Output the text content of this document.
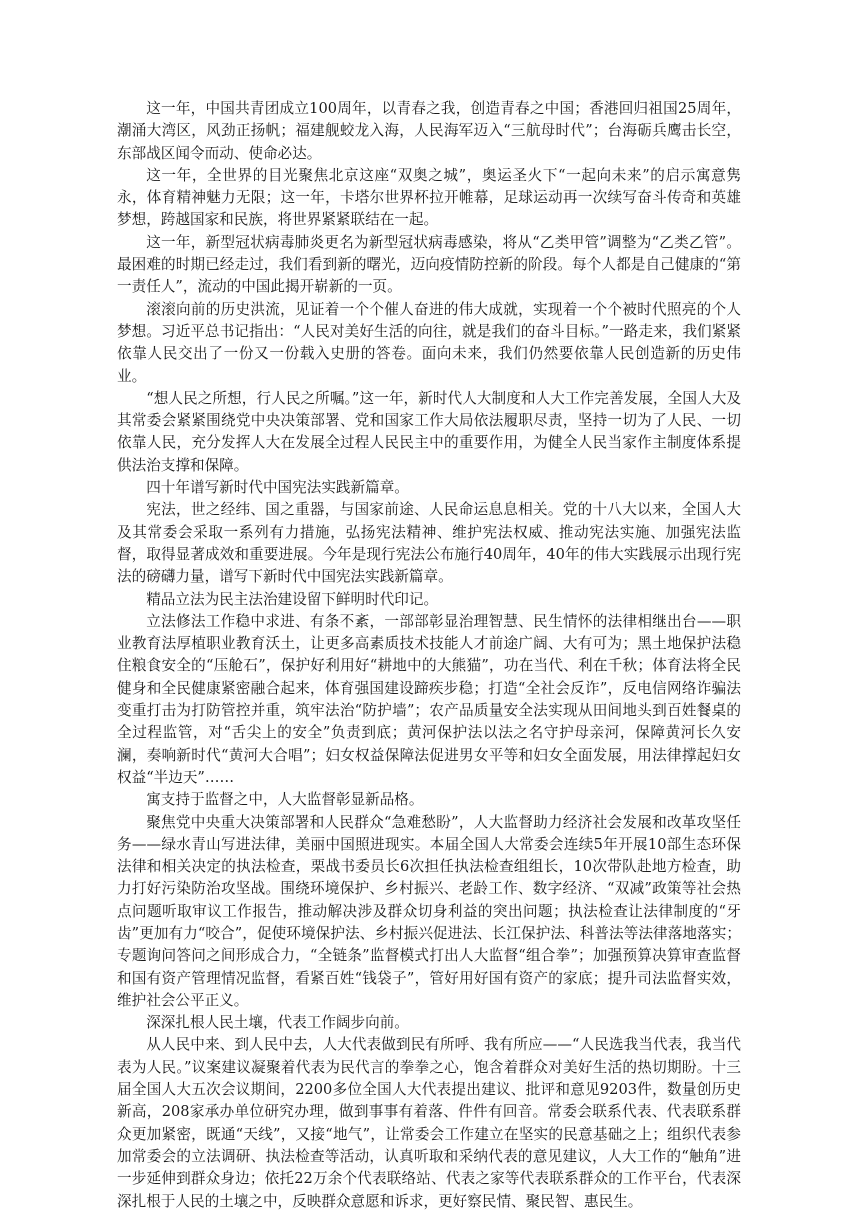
这一年，中国共青团成立100周年，以青春之我，创造青春之中国；香港回归祖国25周年，潮涌大湾区，风劲正扬帆；福建舰蛟龙入海，人民海军迈入“三航母时代”；台海砺兵鹰击长空，东部战区闻令而动、使命必达。

这一年，全世界的目光聚焦北京这座“双奥之城”，奥运圣火下“一起向未来”的启示寓意隽永，体育精神魅力无限；这一年，卡塔尔世界杯拉开帷幕，足球运动再一次续写奋斗传奇和英雄梦想，跨越国家和民族，将世界紧紧联结在一起。

这一年，新型冠状病毒肺炎更名为新型冠状病毒感染，将从“乙类甲管”调整为“乙类乙管”。最困难的时期已经走过，我们看到新的曙光，迈向疫情防控新的阶段。每个人都是自己健康的“第一责任人”，流动的中国此揭开崭新的一页。

滚滚向前的历史洪流，见证着一个个催人奋进的伟大成就，实现着一个个被时代照亮的个人梦想。习近平总书记指出：“人民对美好生活的向往，就是我们的奋斗目标。”一路走来，我们紧紧依靠人民交出了一份又一份载入史册的答卷。面向未来，我们仍然要依靠人民创造新的历史伟业。

“想人民之所想，行人民之所嘱。”这一年，新时代人大制度和人大工作完善发展，全国人大及其常委会紧紧围绕党中央决策部署、党和国家工作大局依法履职尽责，坚持一切为了人民、一切依靠人民，充分发挥人大在发展全过程人民民主中的重要作用，为健全人民当家作主制度体系提供法治支撑和保障。

四十年谱写新时代中国宪法实践新篇章。

宪法，世之经纬、国之重器，与国家前途、人民命运息息相关。党的十八大以来，全国人大及其常委会采取一系列有力措施，弘扬宪法精神、维护宪法权威、推动宪法实施、加强宪法监督，取得显著成效和重要进展。今年是现行宪法公布施行40周年，40年的伟大实践展示出现行宪法的磅礴力量，谱写下新时代中国宪法实践新篇章。

精品立法为民主法治建设留下鲜明时代印记。

立法修法工作稳中求进、有条不紊，一部部彰显治理智慧、民生情怀的法律相继出台——职业教育法厚植职业教育沃土，让更多高素质技术技能人才前途广阔、大有可为；黑土地保护法稳住粮食安全的“压舱石”，保护好利用好“耕地中的大熊猫”，功在当代、利在千秋；体育法将全民健身和全民健康紧密融合起来，体育强国建设蹄疾步稳；打造“全社会反诈”，反电信网络诈骗法变重打击为打防管控并重，筑牢法治“防护墙”；农产品质量安全法实现从田间地头到百姓餐桌的全过程监管，对“舌尖上的安全”负责到底；黄河保护法以法之名守护母亲河，保障黄河长久安澜，奏响新时代“黄河大合唱”；妇女权益保障法促进男女平等和妇女全面发展，用法律撑起妇女权益“半边天”……

寓支持于监督之中，人大监督彰显新品格。

聚焦党中央重大决策部署和人民群众“急难愁盼”，人大监督助力经济社会发展和改革攻坚任务——绿水青山写进法律，美丽中国照进现实。本届全国人大常委会连续5年开展10部生态环保法律和相关决定的执法检查，栗战书委员长6次担任执法检查组组长，10次带队赴地方检查，助力打好污染防治攻坚战。围绕环境保护、乡村振兴、老龄工作、数字经济、“双减”政策等社会热点问题听取审议工作报告，推动解决涉及群众切身利益的突出问题；执法检查让法律制度的“牙齿”更加有力“咬合”，促使环境保护法、乡村振兴促进法、长江保护法、科普法等法律落地落实；专题询问答问之间形成合力，“全链条”监督模式打出人大监督“组合拳”；加强预算决算审查监督和国有资产管理情况监督，看紧百姓“钱袋子”，管好用好国有资产的家底；提升司法监督实效，维护社会公平正义。

深深扎根人民土壤，代表工作阔步向前。

从人民中来、到人民中去，人大代表做到民有所呼、我有所应——“人民选我当代表，我当代表为人民。”议案建议凝聚着代表为民代言的拳拳之心，饱含着群众对美好生活的热切期盼。十三届全国人大五次会议期间，2200多位全国人大代表提出建议、批评和意见9203件，数量创历史新高，208家承办单位研究办理，做到事事有着落、件件有回音。常委会联系代表、代表联系群众更加紧密，既通“天线”，又接“地气”，让常委会工作建立在坚实的民意基础之上；组织代表参加常委会的立法调研、执法检查等活动，认真听取和采纳代表的意见建议，人大工作的“触角”进一步延伸到群众身边；依托22万余个代表联络站、代表之家等代表联系群众的工作平台，代表深深扎根于人民的土壤之中，反映群众意愿和诉求，更好察民情、聚民智、惠民生。
